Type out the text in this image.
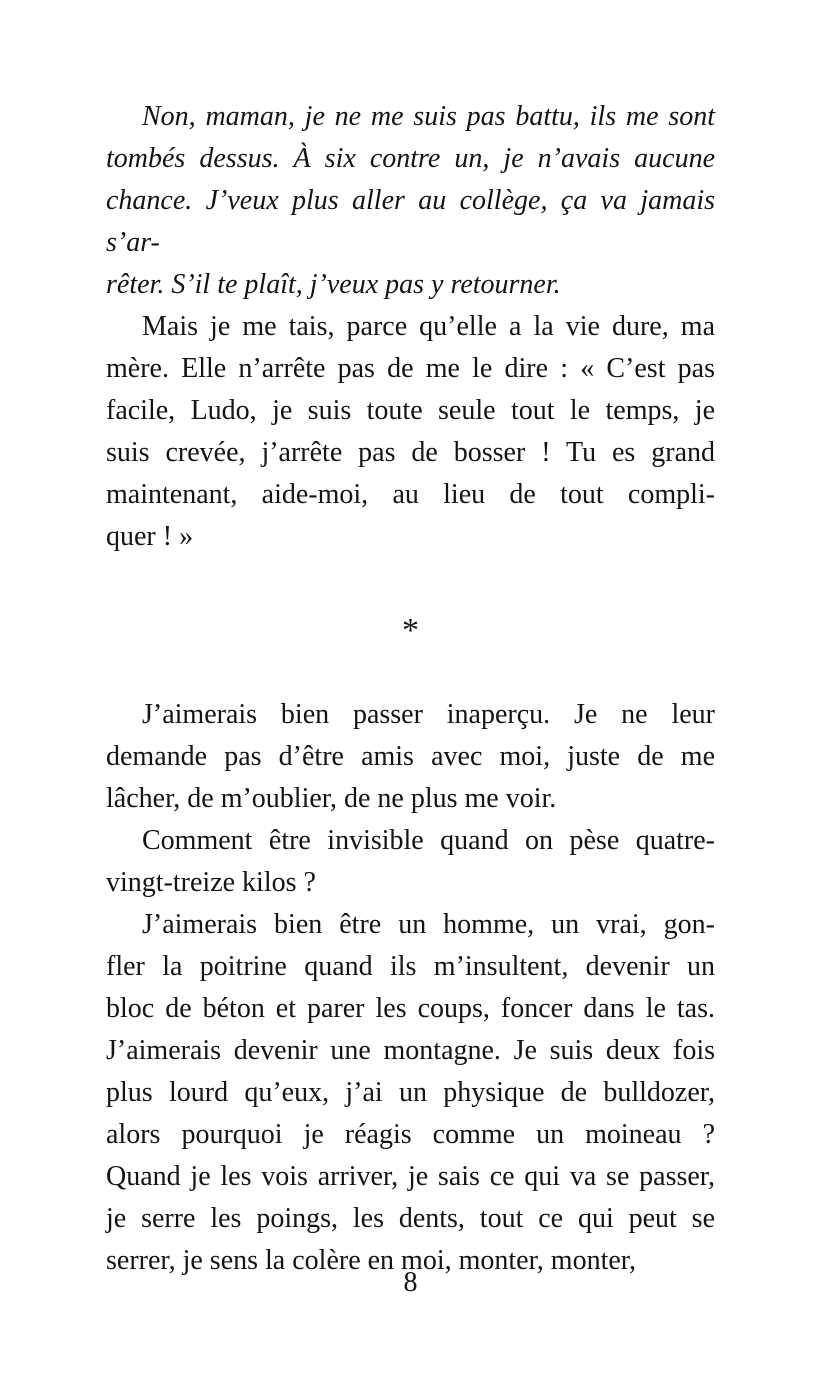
Non, maman, je ne me suis pas battu, ils me sont
tombés dessus. À six contre un, je n’avais aucune
chance. J’veux plus aller au collège, ça va jamais s’ar-
rêter. S’il te plaît, j’veux pas y retourner.
Mais je me tais, parce qu’elle a la vie dure, ma
mère. Elle n’arrête pas de me le dire : « C’est pas
facile, Ludo, je suis toute seule tout le temps, je
suis crevée, j’arrête pas de bosser ! Tu es grand
maintenant, aide-moi, au lieu de tout compli-
quer ! »
*
J’aimerais bien passer inaperçu. Je ne leur
demande pas d’être amis avec moi, juste de me
lâcher, de m’oublier, de ne plus me voir.
Comment être invisible quand on pèse quatre-
vingt-treize kilos ?
J’aimerais bien être un homme, un vrai, gon-
fler la poitrine quand ils m’insultent, devenir un
bloc de béton et parer les coups, foncer dans le tas.
J’aimerais devenir une montagne. Je suis deux fois
plus lourd qu’eux, j’ai un physique de bulldozer,
alors pourquoi je réagis comme un moineau ?
Quand je les vois arriver, je sais ce qui va se passer,
je serre les poings, les dents, tout ce qui peut se
serrer, je sens la colère en moi, monter, monter,
8
